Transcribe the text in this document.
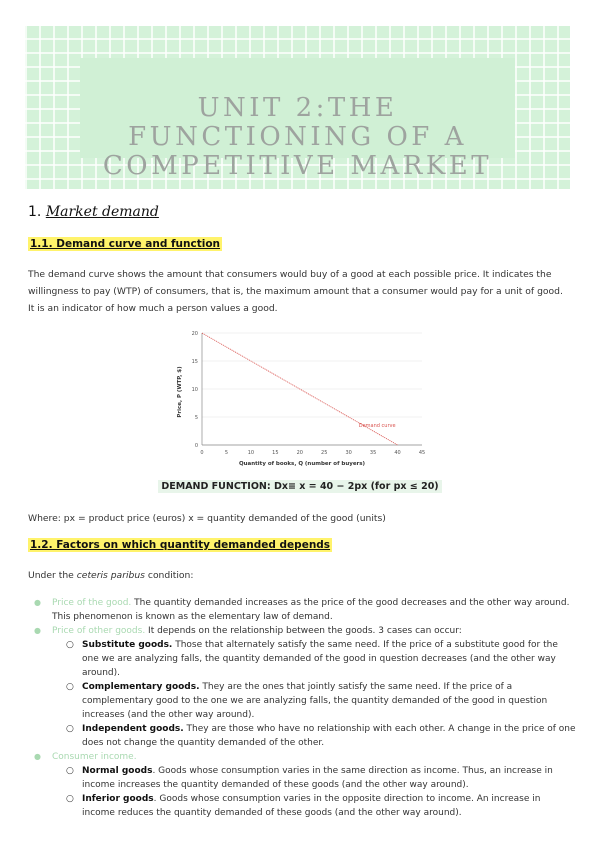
UNIT 2:THE
FUNCTIONING OF A
COMPETITIVE MARKET
1. Market demand
1.1. Demand curve and function
The demand curve shows the amount that consumers would buy of a good at each possible price. It indicates the
willingness to pay (WTP) of consumers, that is, the maximum amount that a consumer would pay for a unit of good.
It is an indicator of how much a person values a good.
0	5	10	15	20	25	30	35	40	45
0
5
10
15
20
Quantity of books, Q (number of buyers)
Price, P (WTP, $)
Demand curve
DEMAND FUNCTION: Dx≡ x = 40 − 2px (for px ≤ 20)
Where: px = product price (euros) x = quantity demanded of the good (units)
1.2. Factors on which quantity demanded depends
Under the ceteris paribus condition:
● Price of the good. The quantity demanded increases as the price of the good decreases and the other way around. This phenomenon is known as the elementary law of demand.
● Price of other goods. It depends on the relationship between the goods. 3 cases can occur:
○ Substitute goods. Those that alternately satisfy the same need. If the price of a substitute good for the one we are analyzing falls, the quantity demanded of the good in question decreases (and the other way around).
○ Complementary goods. They are the ones that jointly satisfy the same need. If the price of a complementary good to the one we are analyzing falls, the quantity demanded of the good in question increases (and the other way around).
○ Independent goods. They are those who have no relationship with each other. A change in the price of one does not change the quantity demanded of the other.
● Consumer income.
○ Normal goods. Goods whose consumption varies in the same direction as income. Thus, an increase in income increases the quantity demanded of these goods (and the other way around).
○ Inferior goods. Goods whose consumption varies in the opposite direction to income. An increase in income reduces the quantity demanded of these goods (and the other way around).
